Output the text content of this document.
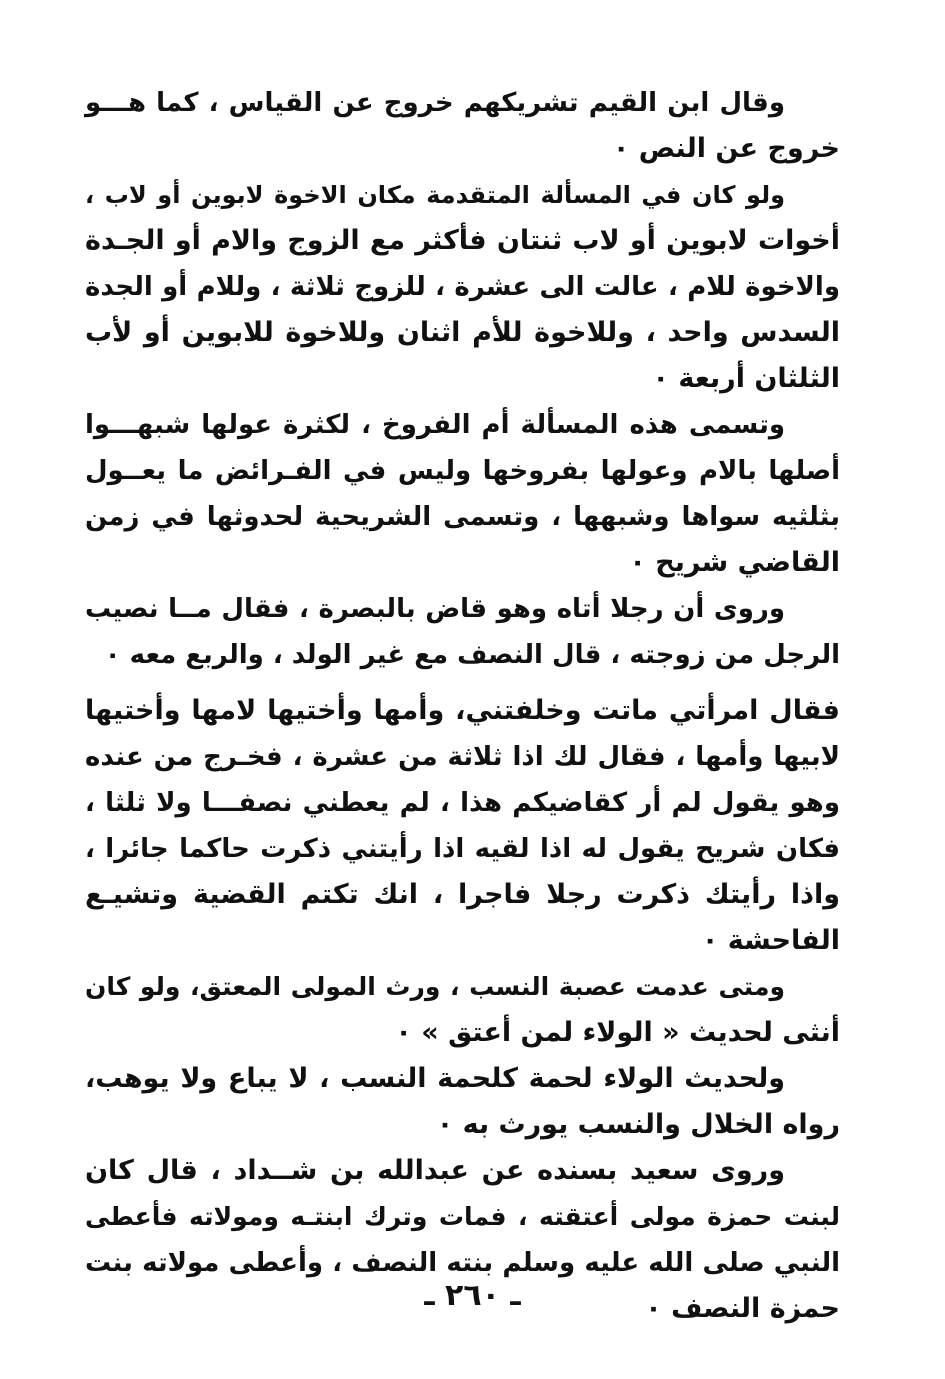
وقال ابن القيم تشريكهم خروج عن القياس ، كما هـــو
خروج عن النص ٠
ولو كان في المسألة المتقدمة مكان الاخوة لابوين أو لاب ،
أخوات لابوين أو لاب ثنتان فأكثر مع الزوج والام أو الجـدة
والاخوة للام ، عالت الى عشرة ، للزوج ثلاثة ، وللام أو الجدة
السدس واحد ، وللاخوة للأم اثنان وللاخوة للابوين أو لأب
الثلثان أربعة ٠
وتسمى هذه المسألة أم الفروخ ، لكثرة عولها شبهـــوا
أصلها بالام وعولها بفروخها وليس في الفـرائض ما يعــول
بثلثيه سواها وشبهها ، وتسمى الشريحية لحدوثها في زمن
القاضي شريح ٠
وروى أن رجلا أتاه وهو قاض بالبصرة ، فقال مــا نصيب
الرجل من زوجته ، قال النصف مع غير الولد ، والربع معه ٠
فقال امرأتي ماتت وخلفتني، وأمها وأختيها لامها وأختيها
لابيها وأمها ، فقال لك اذا ثلاثة من عشرة ، فخـرج من عنده
وهو يقول لم أر كقاضيكم هذا ، لم يعطني نصفـــا ولا ثلثا ،
فكان شريح يقول له اذا لقيه اذا رأيتني ذكرت حاكما جائرا ،
واذا رأيتك ذكرت رجلا فاجرا ، انك تكتم القضية وتشيـع
الفاحشة ٠
ومتى عدمت عصبة النسب ، ورث المولى المعتق، ولو كان
أنثى لحديث « الولاء لمن أعتق » ٠
ولحديث الولاء لحمة كلحمة النسب ، لا يباع ولا يوهب،
رواه الخلال والنسب يورث به ٠
وروى سعيد بسنده عن عبدالله بن شــداد ، قال كان
لبنت حمزة مولى أعتقته ، فمات وترك ابنتـه ومولاته فأعطى
النبي صلى الله عليه وسلم بنته النصف ، وأعطى مولاته بنت
حمزة النصف ٠
ـ ٢٦٠ ـ
